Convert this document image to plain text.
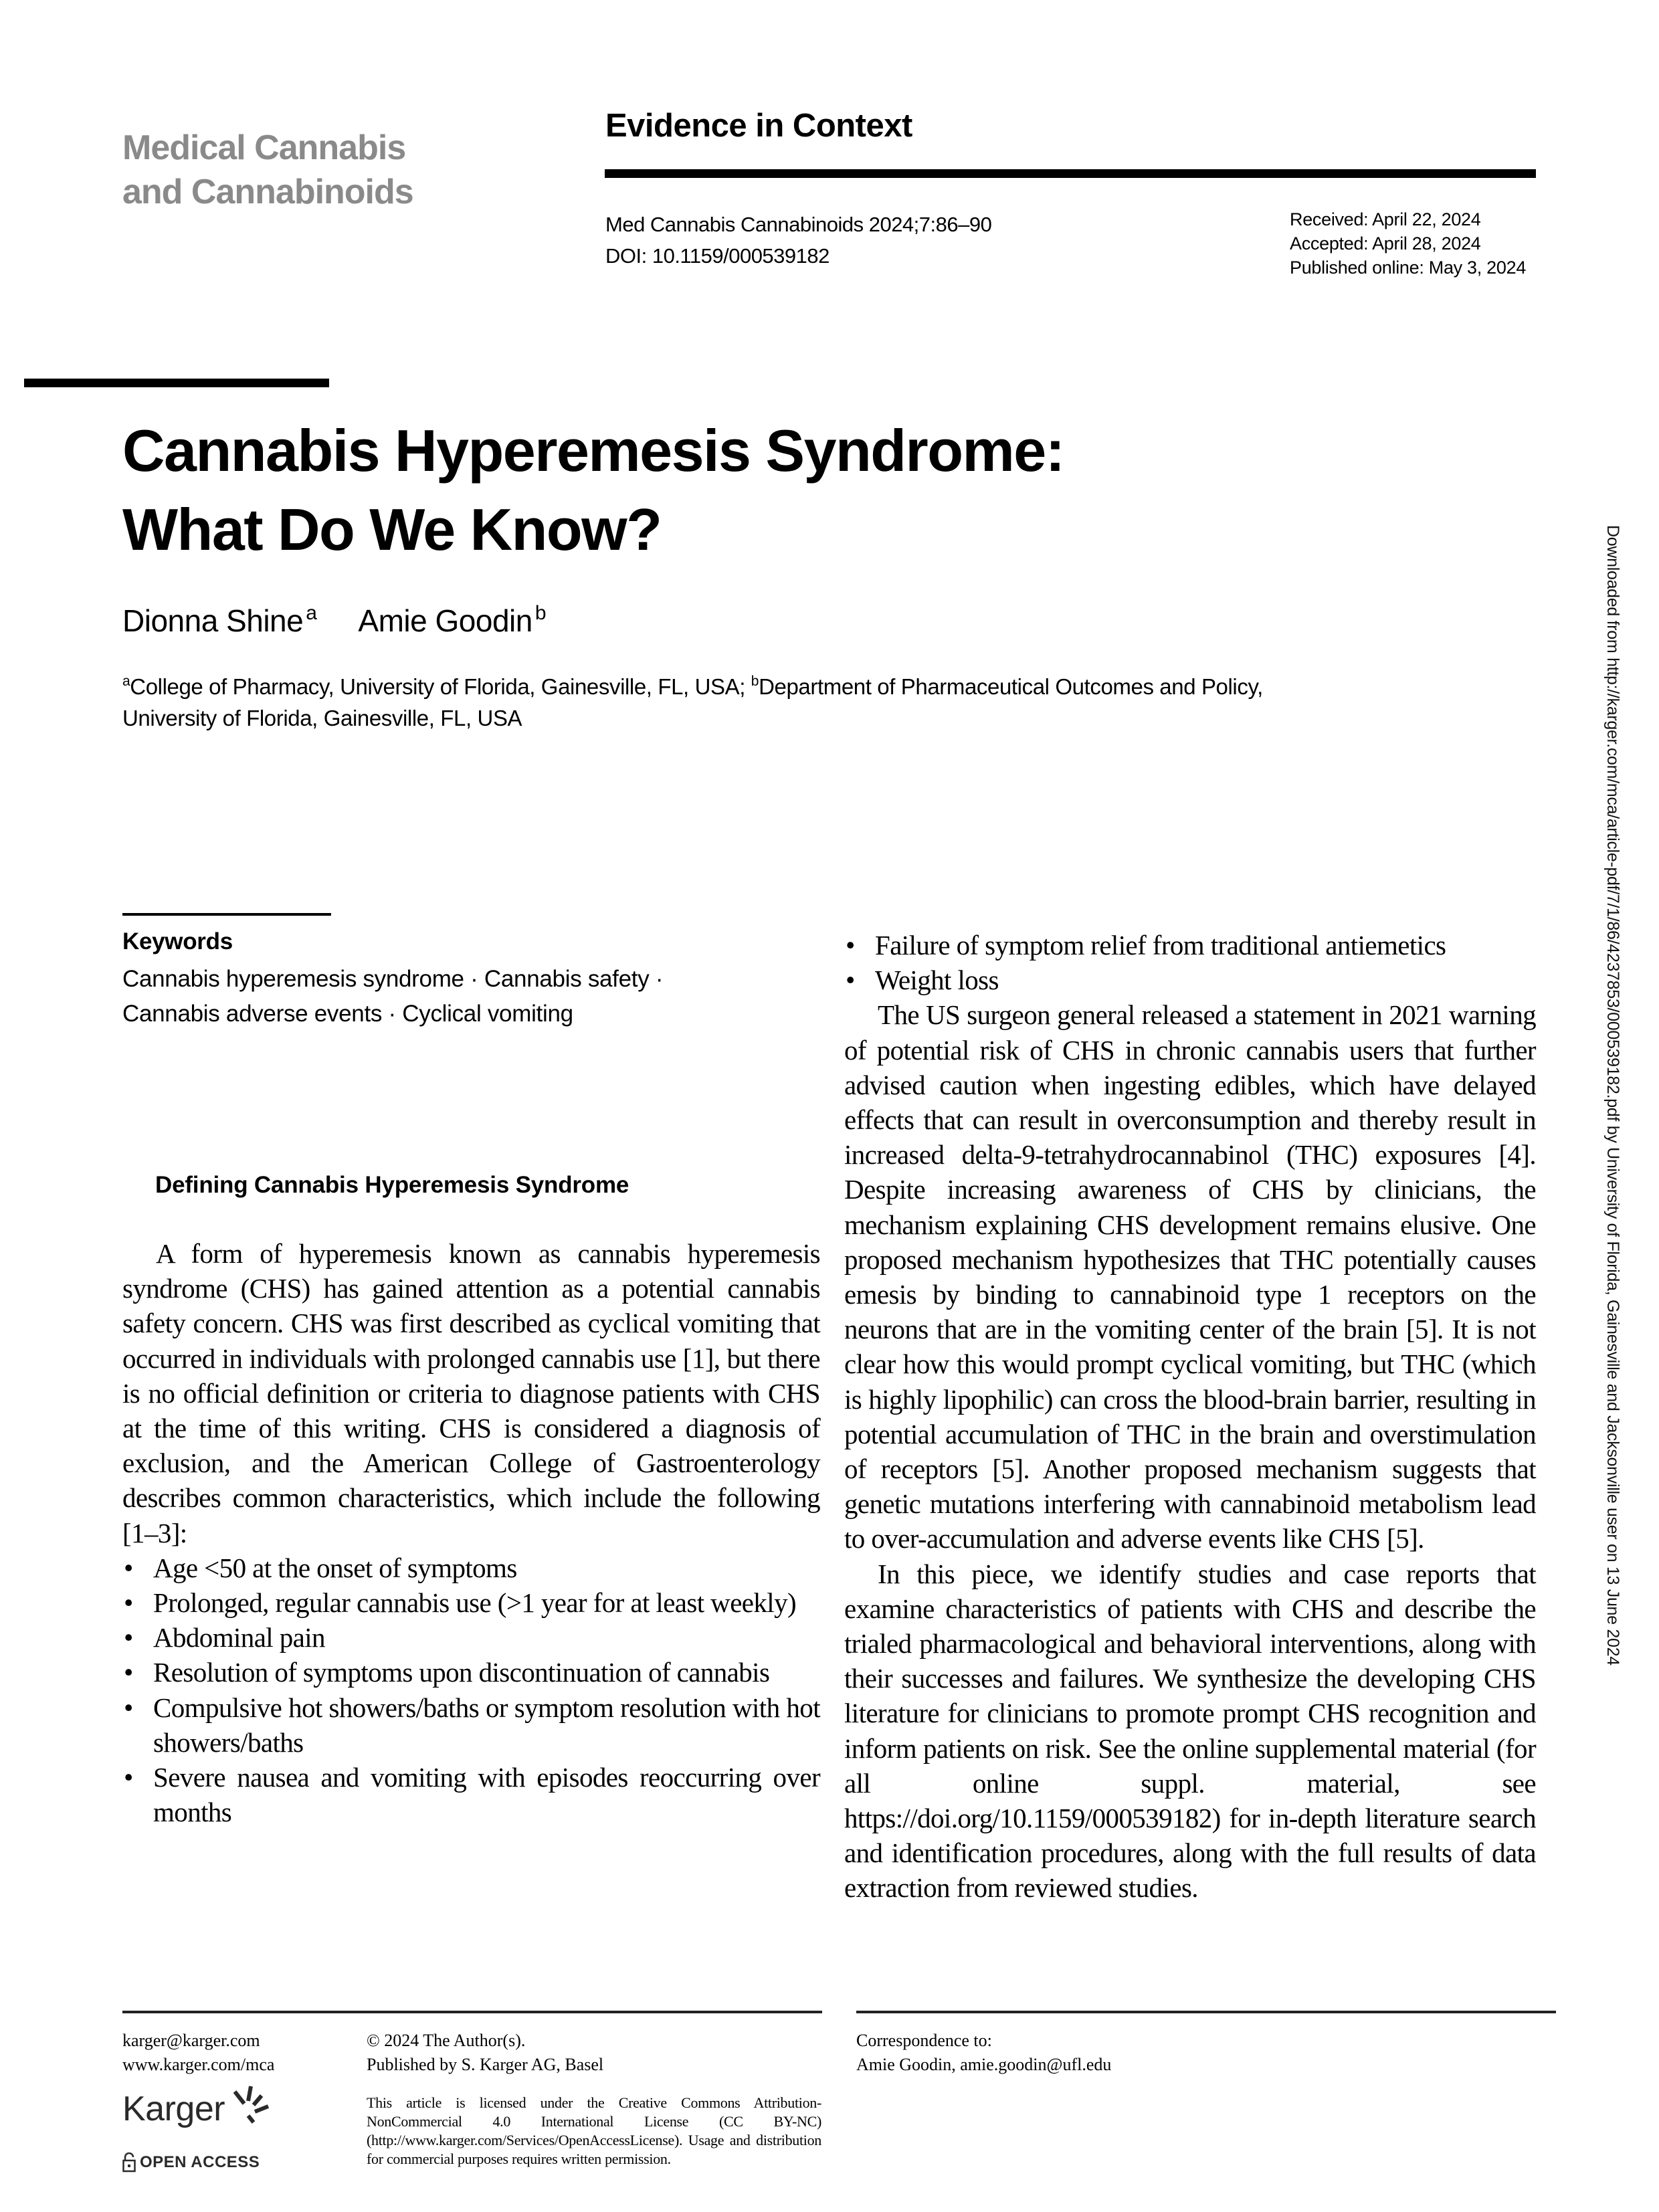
Medical Cannabis
and Cannabinoids
Evidence in Context
Med Cannabis Cannabinoids 2024;7:86–90
DOI: 10.1159/000539182
Received: April 22, 2024
Accepted: April 28, 2024
Published online: May 3, 2024
Cannabis Hyperemesis Syndrome:
What Do We Know?
Dionna Shine $^a$ Amie Goodin $^b$
$^a$College of Pharmacy, University of Florida, Gainesville, FL, USA; $^b$Department of Pharmaceutical Outcomes and Policy, University of Florida, Gainesville, FL, USA
Keywords
Cannabis hyperemesis syndrome · Cannabis safety ·
Cannabis adverse events · Cyclical vomiting
Defining Cannabis Hyperemesis Syndrome

A form of hyperemesis known as cannabis hyperemesis syndrome (CHS) has gained attention as a potential cannabis safety concern. CHS was first described as cyclical vomiting that occurred in individuals with prolonged cannabis use [1], but there is no official definition or criteria to diagnose patients with CHS at the time of this writing. CHS is considered a diagnosis of exclusion, and the American College of Gastroenterology describes common characteristics, which include the following [1–3]:

• Age <50 at the onset of symptoms
• Prolonged, regular cannabis use (>1 year for at least weekly)
• Abdominal pain
• Resolution of symptoms upon discontinuation of cannabis
• Compulsive hot showers/baths or symptom resolution with hot showers/baths
• Severe nausea and vomiting with episodes reoccurring over months
• Failure of symptom relief from traditional antiemetics
• Weight loss

The US surgeon general released a statement in 2021 warning of potential risk of CHS in chronic cannabis users that further advised caution when ingesting edibles, which have delayed effects that can result in overconsumption and thereby result in increased delta-9-tetrahydrocannabinol (THC) exposures [4]. Despite increasing awareness of CHS by clinicians, the mechanism explaining CHS development remains elusive. One proposed mechanism hypothesizes that THC potentially causes emesis by binding to cannabinoid type 1 receptors on the neurons that are in the vomiting center of the brain [5]. It is not clear how this would prompt cyclical vomiting, but THC (which is highly lipophilic) can cross the blood-brain barrier, resulting in potential accumulation of THC in the brain and overstimulation of receptors [5]. Another proposed mechanism suggests that genetic mutations interfering with cannabinoid metabolism lead to over-accumulation and adverse events like CHS [5].

In this piece, we identify studies and case reports that examine characteristics of patients with CHS and describe the trialed pharmacological and behavioral interventions, along with their successes and failures. We synthesize the developing CHS literature for clinicians to promote prompt CHS recognition and inform patients on risk. See the online supplemental material (for all online suppl. material, see https://doi.org/10.1159/000539182) for in-depth literature search and identification procedures, along with the full results of data extraction from reviewed studies.

karger@karger.com
www.karger.com/mca
Karger
OPEN ACCESS
© 2024 The Author(s).
Published by S. Karger AG, Basel
This article is licensed under the Creative Commons Attribution-NonCommercial 4.0 International License (CC BY-NC) (http://www.karger.com/Services/OpenAccessLicense). Usage and distribution for commercial purposes requires written permission.
Correspondence to:
Amie Goodin, amie.goodin@ufl.edu
Downloaded from http://karger.com/mca/article-pdf/7/1/86/4237853/000539182.pdf by University of Florida, Gainesville and Jacksonville user on 13 June 2024
